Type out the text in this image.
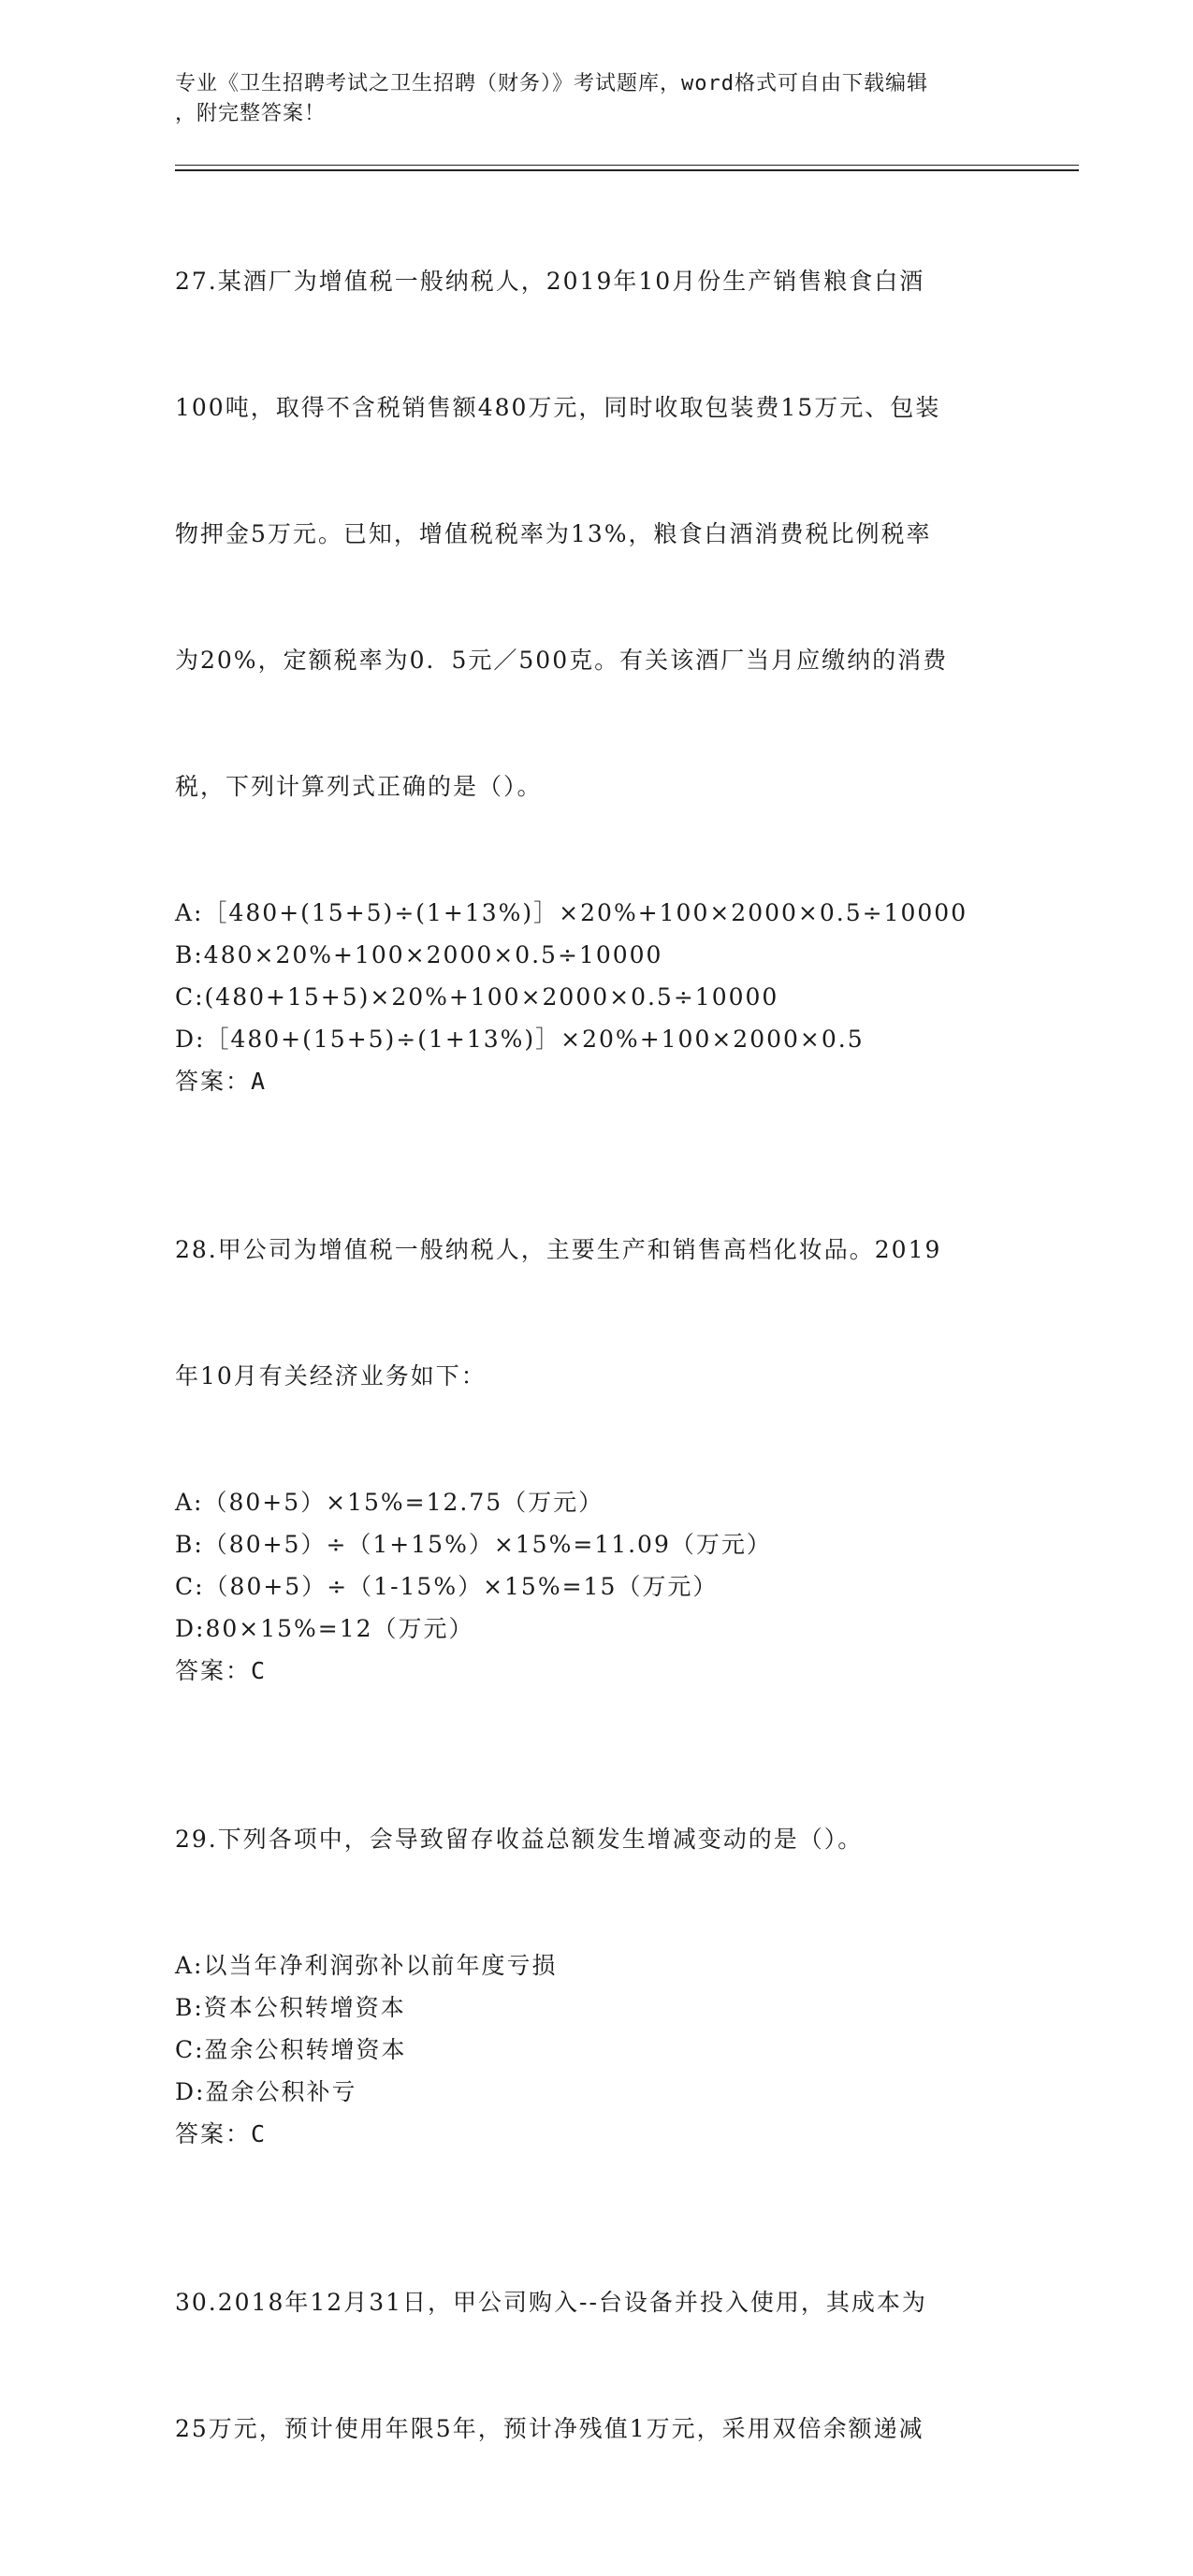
专业《卫生招聘考试之卫生招聘（财务）》考试题库，word格式可自由下载编辑
，附完整答案！

27.某酒厂为增值税一般纳税人，2019年10月份生产销售粮食白酒

100吨，取得不含税销售额480万元，同时收取包装费15万元、包装

物押金5万元。已知，增值税税率为13%，粮食白酒消费税比例税率

为20%，定额税率为0．5元／500克。有关该酒厂当月应缴纳的消费

税，下列计算列式正确的是（）。

A:［480+(15+5)÷(1+13%)］×20%+100×2000×0.5÷10000
B:480×20%+100×2000×0.5÷10000
C:(480+15+5)×20%+100×2000×0.5÷10000
D:［480+(15+5)÷(1+13%)］×20%+100×2000×0.5
答案：A

28.甲公司为增值税一般纳税人，主要生产和销售高档化妆品。2019

年10月有关经济业务如下：

A:（80+5）×15%=12.75（万元）
B:（80+5）÷（1+15%）×15%=11.09（万元）
C:（80+5）÷（1-15%）×15%=15（万元）
D:80×15%=12（万元）
答案：C

29.下列各项中，会导致留存收益总额发生增减变动的是（）。

A:以当年净利润弥补以前年度亏损
B:资本公积转增资本
C:盈余公积转增资本
D:盈余公积补亏
答案：C

30.2018年12月31日，甲公司购入--台设备并投入使用，其成本为

25万元，预计使用年限5年，预计净残值1万元，采用双倍余额递减
